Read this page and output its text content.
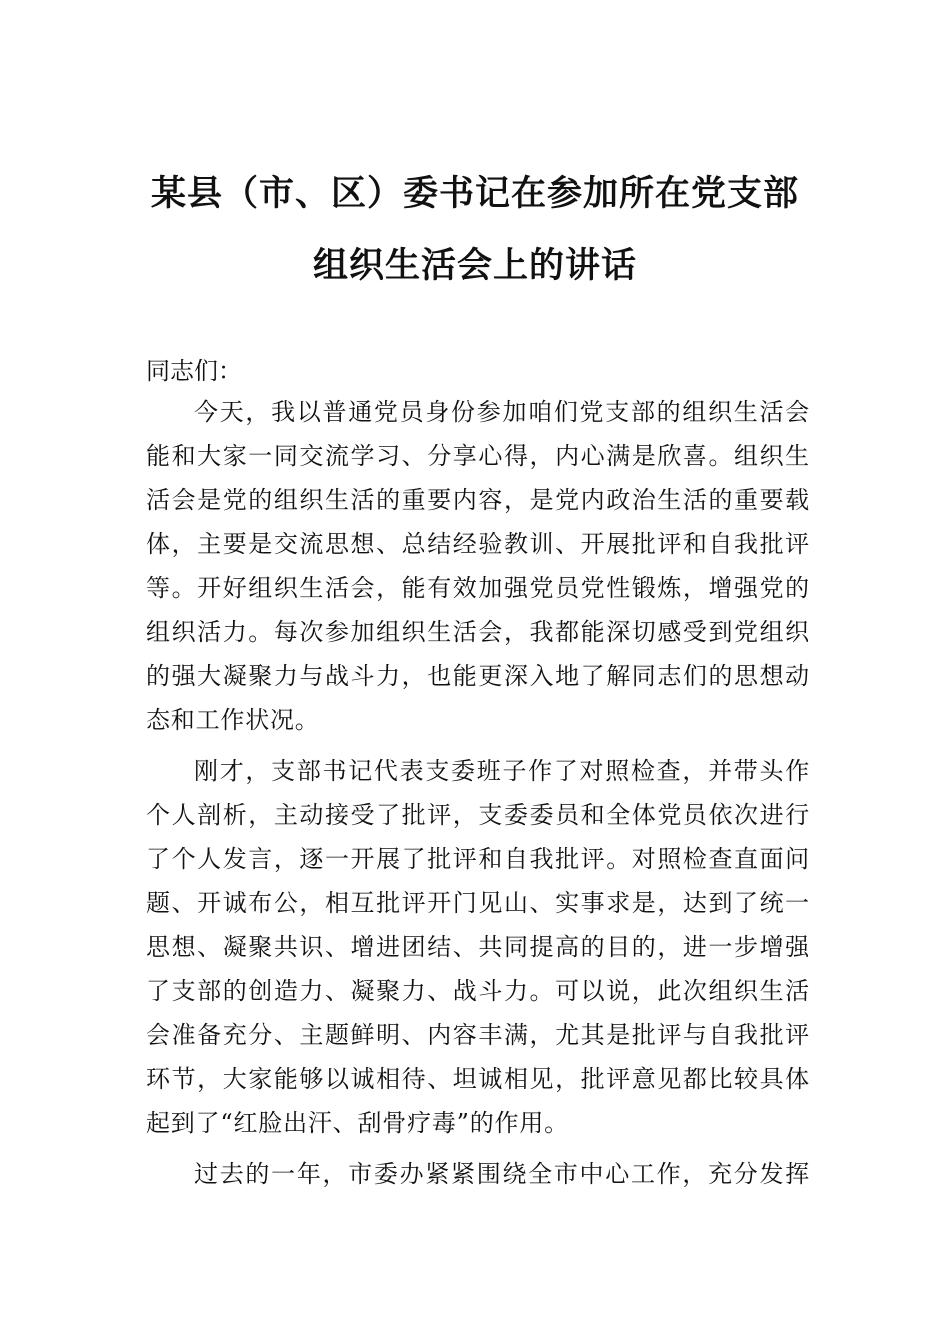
某县（市、区）委书记在参加所在党支部
组织生活会上的讲话
同志们：
今天，我以普通党员身份参加咱们党支部的组织生活会
能和大家一同交流学习、分享心得，内心满是欣喜。组织生
活会是党的组织生活的重要内容，是党内政治生活的重要载
体，主要是交流思想、总结经验教训、开展批评和自我批评
等。开好组织生活会，能有效加强党员党性锻炼，增强党的
组织活力。每次参加组织生活会，我都能深切感受到党组织
的强大凝聚力与战斗力，也能更深入地了解同志们的思想动
态和工作状况。
刚才，支部书记代表支委班子作了对照检查，并带头作
个人剖析，主动接受了批评，支委委员和全体党员依次进行
了个人发言，逐一开展了批评和自我批评。对照检查直面问
题、开诚布公，相互批评开门见山、实事求是，达到了统一
思想、凝聚共识、增进团结、共同提高的目的，进一步增强
了支部的创造力、凝聚力、战斗力。可以说，此次组织生活
会准备充分、主题鲜明、内容丰满，尤其是批评与自我批评
环节，大家能够以诚相待、坦诚相见，批评意见都比较具体
起到了“红脸出汗、刮骨疗毒”的作用。
过去的一年，市委办紧紧围绕全市中心工作，充分发挥
